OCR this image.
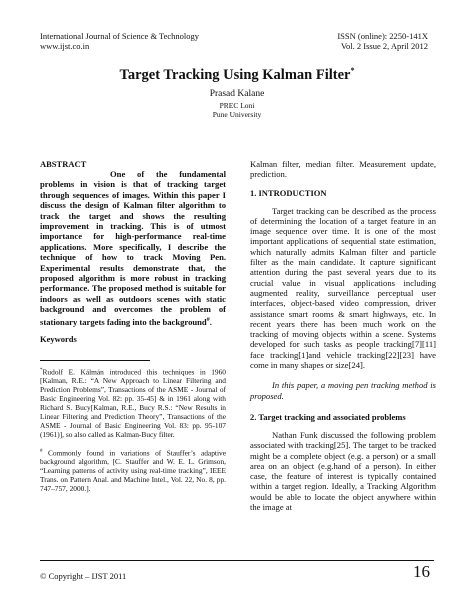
International Journal of Science & Technology
www.ijst.co.in
ISSN (online): 2250-141X
Vol. 2 Issue 2, April 2012
Target Tracking Using Kalman Filter*
Prasad Kalane
PREC Loni
Pune University
ABSTRACT
One of the fundamental problems in vision is that of tracking target through sequences of images. Within this paper I discuss the design of Kalman filter algorithm to track the target and shows the resulting improvement in tracking. This is of utmost importance for high-performance real-time applications. More specifically, I describe the technique of how to track Moving Pen. Experimental results demonstrate that, the proposed algorithm is more robust in tracking performance. The proposed method is suitable for indoors as well as outdoors scenes with static background and overcomes the problem of stationary targets fading into the background#.
Keywords
*Rudolf E. Kálmán introduced this techniques in 1960 [Kalman, R.E.: “A New Approach to Linear Filtering and Prediction Problems”, Transactions of the ASME - Journal of Basic Engineering Vol. 82: pp. 35-45] & in 1961 along with Richard S. Bucy[Kalman, R.E., Bucy R.S.: “New Results in Linear Filtering and Prediction Theory”, Transactions of the ASME - Journal of Basic Engineering Vol. 83: pp. 95-107 (1961)], so also called as Kalman-Bucy filter.
# Commonly found in variations of Stauffer’s adaptive background algorithm, [C. Stauffer and W. E. L. Grimson, “Learning patterns of activity using real-time tracking”, IEEE Trans. on Pattern Anal. and Machine Intel., Vol. 22, No. 8, pp. 747–757, 2000.].
Kalman filter, median filter. Measurement update, prediction.
1. INTRODUCTION
Target tracking can be described as the process of determining the location of a target feature in an image sequence over time. It is one of the most important applications of sequential state estimation, which naturally admits Kalman filter and particle filter as the main candidate. It capture significant attention during the past several years due to its crucial value in visual applications including augmented reality, surveillance perceptual user interfaces, object-based video compression, driver assistance smart rooms & smart highways, etc. In recent years there has been much work on the tracking of moving objects within a scene. Systems developed for such tasks as people tracking[7][11] face tracking[1]and vehicle tracking[22][23] have come in many shapes or size[24].
In this paper, a moving pen tracking method is proposed.
2. Target tracking and associated problems
Nathan Funk discussed the following problem associated with tracking[25]. The target to be tracked might be a complete object (e.g. a person) or a small area on an object (e.g.hand of a person). In either case, the feature of interest is typically contained within a target region. Ideally, a Tracking Algorithm would be able to locate the object anywhere within the image at
© Copyright – IJST 2011	16
